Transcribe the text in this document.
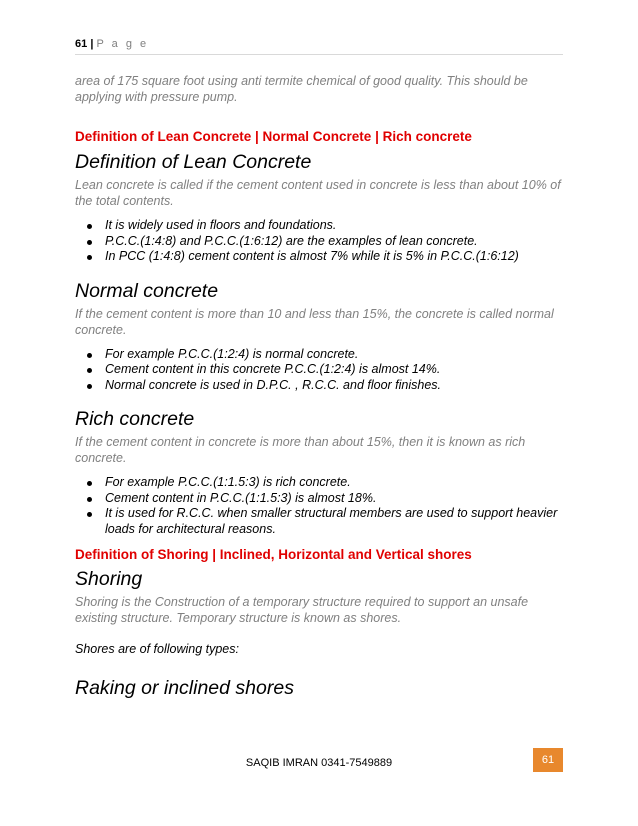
61 | P a g e

area of 175 square foot using anti termite chemical of good quality. This should be applying with pressure pump.

Definition of Lean Concrete | Normal Concrete | Rich concrete

Definition of Lean Concrete

Lean concrete is called if the cement content used in concrete is less than about 10% of the total contents.

It is widely used in floors and foundations.
P.C.C.(1:4:8) and P.C.C.(1:6:12) are the examples of lean concrete.
In PCC (1:4:8) cement content is almost 7% while it is 5% in P.C.C.(1:6:12)

Normal concrete

If the cement content is more than 10 and less than 15%, the concrete is called normal concrete.

For example P.C.C.(1:2:4) is normal concrete.
Cement content in this concrete P.C.C.(1:2:4) is almost 14%.
Normal concrete is used in D.P.C. , R.C.C. and floor finishes.

Rich concrete

If the cement content in concrete is more than about 15%, then it is known as rich concrete.

For example P.C.C.(1:1.5:3) is rich concrete.
Cement content in P.C.C.(1:1.5:3) is almost 18%.
It is used for R.C.C. when smaller structural members are used to support heavier loads for architectural reasons.

Definition of Shoring | Inclined, Horizontal and Vertical shores

Shoring

Shoring is the Construction of a temporary structure required to support an unsafe existing structure. Temporary structure is known as shores.

Shores are of following types:

Raking or inclined shores

SAQIB IMRAN 0341-7549889	61
